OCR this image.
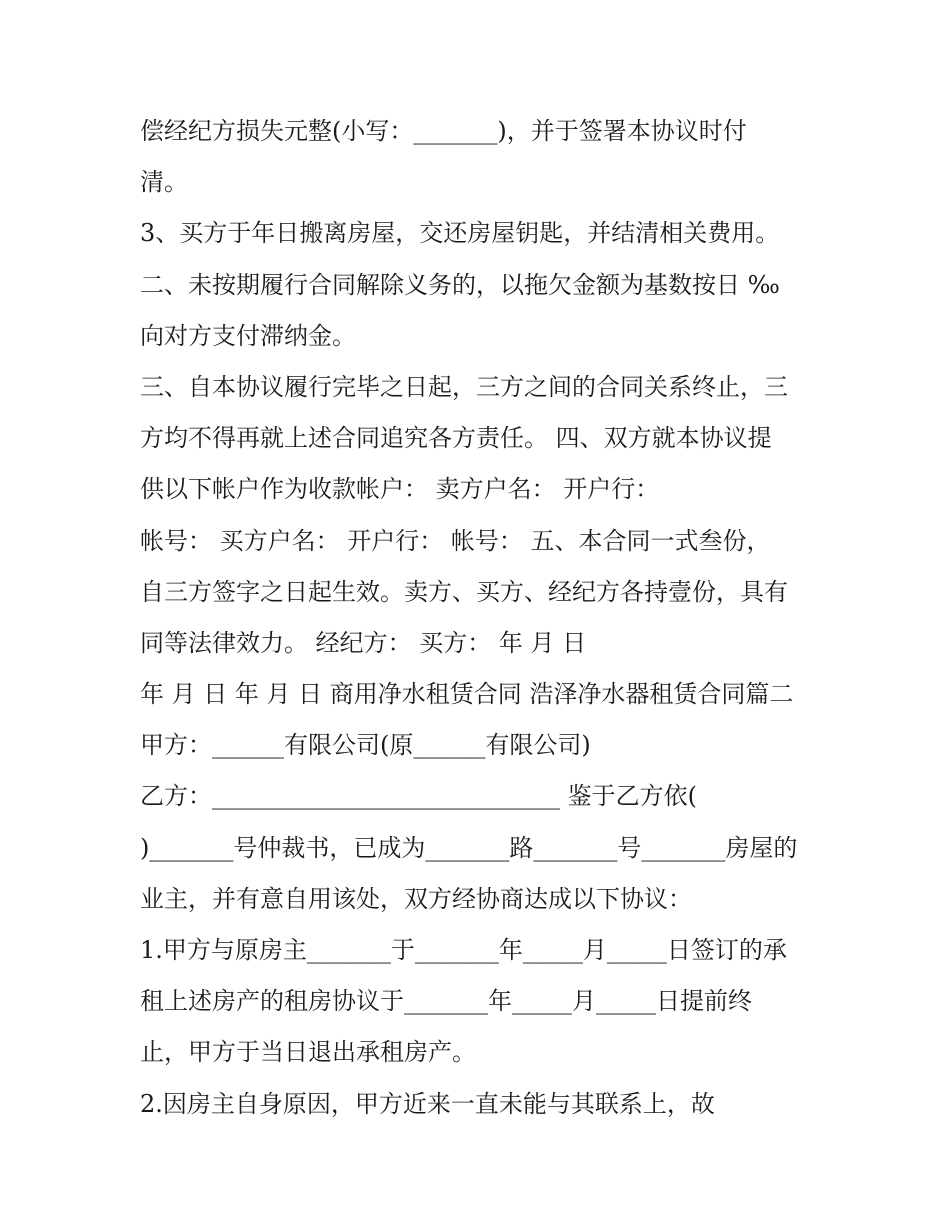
偿经纪方损失元整(小写：_______)，并于签署本协议时付
清。
3、买方于年日搬离房屋，交还房屋钥匙，并结清相关费用。
二、未按期履行合同解除义务的，以拖欠金额为基数按日 ‰
向对方支付滞纳金。
三、自本协议履行完毕之日起，三方之间的合同关系终止，三
方均不得再就上述合同追究各方责任。 四、双方就本协议提
供以下帐户作为收款帐户： 卖方户名： 开户行：
帐号： 买方户名： 开户行： 帐号： 五、本合同一式叁份，
自三方签字之日起生效。卖方、买方、经纪方各持壹份，具有
同等法律效力。 经纪方： 买方： 年 月 日
年 月 日 年 月 日 商用净水租赁合同 浩泽净水器租赁合同篇二
甲方：______有限公司(原______有限公司)
乙方：_____________________________ 鉴于乙方依(
)_______号仲裁书，已成为_______路_______号_______房屋的
业主，并有意自用该处，双方经协商达成以下协议：
1.甲方与原房主_______于_______年_____月_____日签订的承
租上述房产的租房协议于_______年_____月_____日提前终
止，甲方于当日退出承租房产。
2.因房主自身原因，甲方近来一直未能与其联系上，故
